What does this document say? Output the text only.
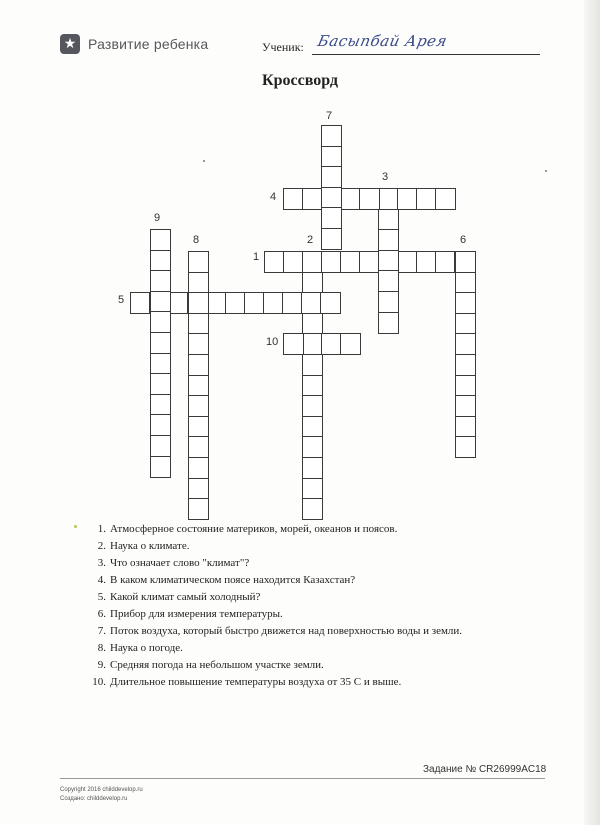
★ Развитие ребенка	Ученик: Басыпбай Арея
Кроссворд
1
2
3
4
5
6
7
8
9
10
1. Атмосферное состояние материков, морей, океанов и поясов.
2. Наука о климате.
3. Что означает слово "климат"?
4. В каком климатическом поясе находится Казахстан?
5. Какой климат самый холодный?
6. Прибор для измерения температуры.
7. Поток воздуха, который быстро движется над поверхностью воды и земли.
8. Наука о погоде.
9. Средняя погода на небольшом участке земли.
10. Длительное повышение температуры воздуха от 35 С и выше.
Задание № CR26999AC18
Copyright 2016 childdevelop.ru
Создано: childdevelop.ru
